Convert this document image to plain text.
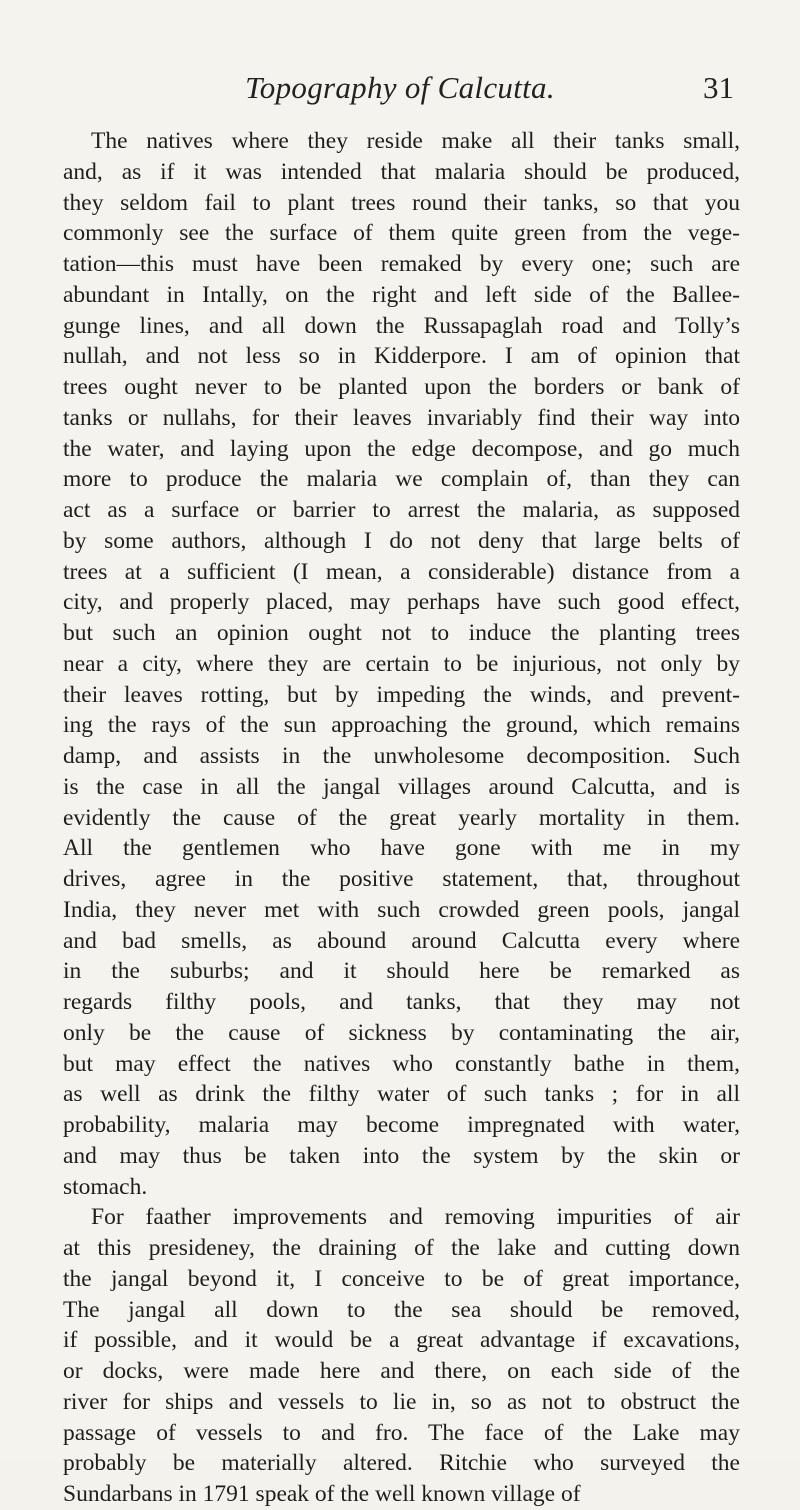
Topography of Calcutta.	31
The natives where they reside make all their tanks small,
and, as if it was intended that malaria should be produced,
they seldom fail to plant trees round their tanks, so that you
commonly see the surface of them quite green from the vege-
tation—this must have been remaked by every one; such are
abundant in Intally, on the right and left side of the Ballee-
gunge lines, and all down the Russapaglah road and Tolly’s
nullah, and not less so in Kidderpore. I am of opinion that
trees ought never to be planted upon the borders or bank of
tanks or nullahs, for their leaves invariably find their way into
the water, and laying upon the edge decompose, and go much
more to produce the malaria we complain of, than they can
act as a surface or barrier to arrest the malaria, as supposed
by some authors, although I do not deny that large belts of
trees at a sufficient (I mean, a considerable) distance from a
city, and properly placed, may perhaps have such good effect,
but such an opinion ought not to induce the planting trees
near a city, where they are certain to be injurious, not only by
their leaves rotting, but by impeding the winds, and prevent-
ing the rays of the sun approaching the ground, which remains
damp, and assists in the unwholesome decomposition. Such
is the case in all the jangal villages around Calcutta, and is
evidently the cause of the great yearly mortality in them.
All the gentlemen who have gone with me in my
drives, agree in the positive statement, that, throughout
India, they never met with such crowded green pools, jangal
and bad smells, as abound around Calcutta every where
in the suburbs; and it should here be remarked as
regards filthy pools, and tanks, that they may not
only be the cause of sickness by contaminating the air,
but may effect the natives who constantly bathe in them,
as well as drink the filthy water of such tanks ; for in all
probability, malaria may become impregnated with water,
and may thus be taken into the system by the skin or
stomach.
For faather improvements and removing impurities of air
at this presideney, the draining of the lake and cutting down
the jangal beyond it, I conceive to be of great importance,
The jangal all down to the sea should be removed,
if possible, and it would be a great advantage if excavations,
or docks, were made here and there, on each side of the
river for ships and vessels to lie in, so as not to obstruct the
passage of vessels to and fro. The face of the Lake may
probably be materially altered. Ritchie who surveyed the
Sundarbans in 1791 speak of the well known village of
